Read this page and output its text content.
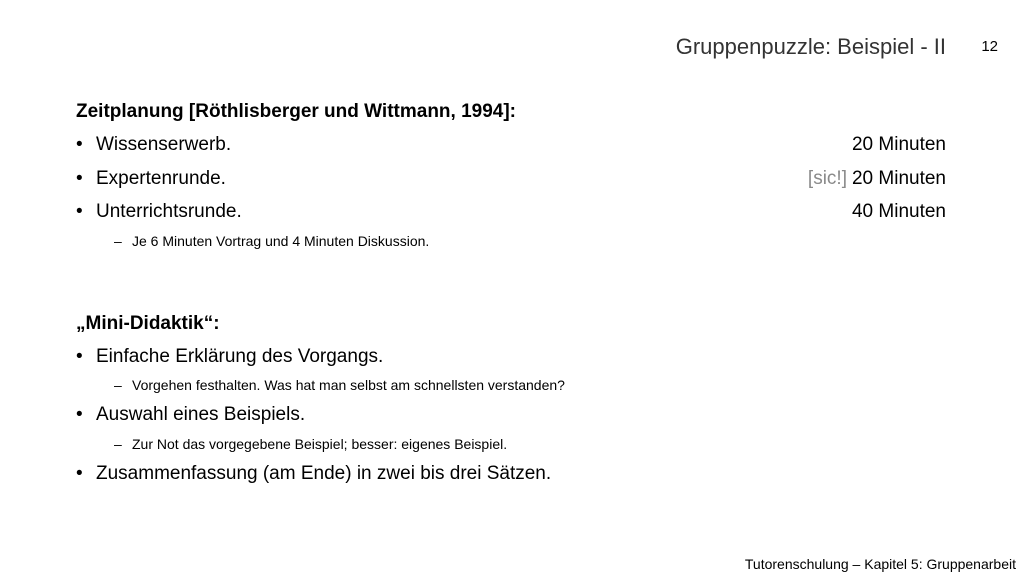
Gruppenpuzzle: Beispiel - II 12
Zeitplanung [Röthlisberger und Wittmann, 1994]:
• Wissenserwerb.	20 Minuten
• Expertenrunde.	[sic!] 20 Minuten
• Unterrichtsrunde.	40 Minuten
– Je 6 Minuten Vortrag und 4 Minuten Diskussion.
„Mini-Didaktik“:
• Einfache Erklärung des Vorgangs.
– Vorgehen festhalten. Was hat man selbst am schnellsten verstanden?
• Auswahl eines Beispiels.
– Zur Not das vorgegebene Beispiel; besser: eigenes Beispiel.
• Zusammenfassung (am Ende) in zwei bis drei Sätzen.
Tutorenschulung – Kapitel 5: Gruppenarbeit
